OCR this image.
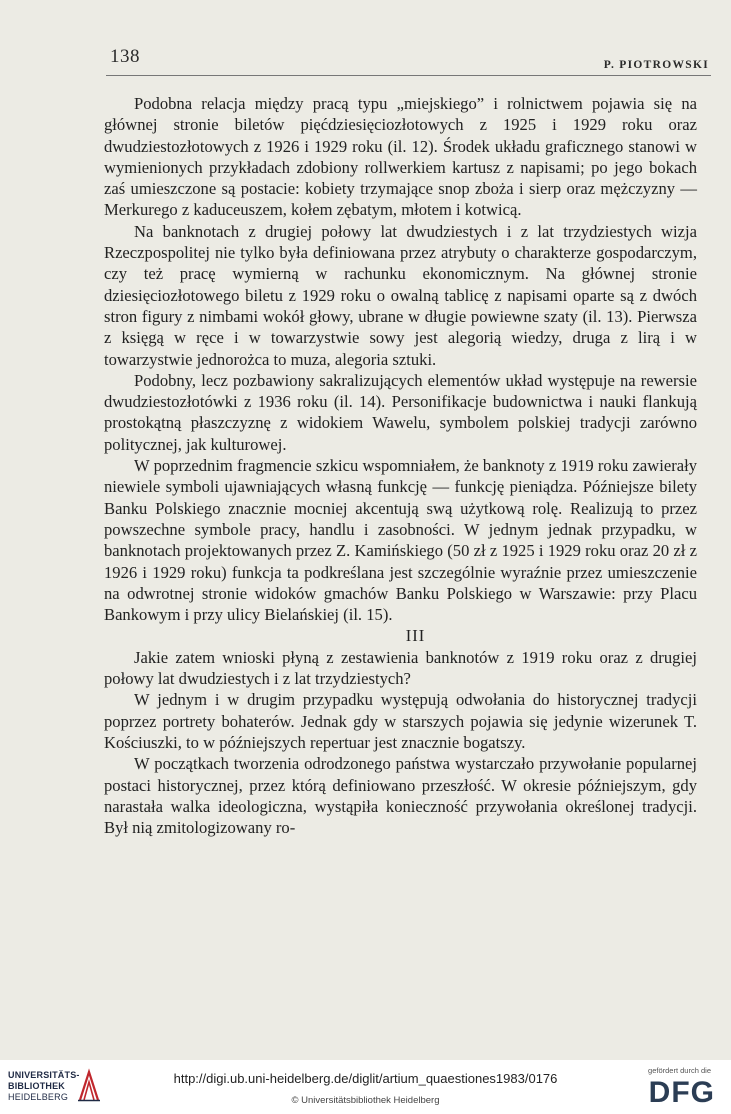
138	P. PIOTROWSKI

Podobna relacja między pracą typu „miejskiego” i rolnictwem pojawia się na głównej stronie biletów pięćdziesięciozłotowych z 1925 i 1929 roku oraz dwudziestozłotowych z 1926 i 1929 roku (il. 12). Środek układu graficznego stanowi w wymienionych przykładach zdobiony rollwerkiem kartusz z napisami; po jego bokach zaś umieszczone są postacie: kobiety trzymające snop zboża i sierp oraz mężczyzny — Merkurego z kaduceuszem, kołem zębatym, młotem i kotwicą.

Na banknotach z drugiej połowy lat dwudziestych i z lat trzydziestych wizja Rzeczpospolitej nie tylko była definiowana przez atrybuty o charakterze gospodarczym, czy też pracę wymierną w rachunku ekonomicznym. Na głównej stronie dziesięciozłotowego biletu z 1929 roku o owalną tablicę z napisami oparte są z dwóch stron figury z nimbami wokół głowy, ubrane w długie powiewne szaty (il. 13). Pierwsza z księgą w ręce i w towarzystwie sowy jest alegorią wiedzy, druga z lirą i w towarzystwie jednorożca to muza, alegoria sztuki.

Podobny, lecz pozbawiony sakralizujących elementów układ występuje na rewersie dwudziestozłotówki z 1936 roku (il. 14). Personifikacje budownictwa i nauki flankują prostokątną płaszczyznę z widokiem Wawelu, symbolem polskiej tradycji zarówno politycznej, jak kulturowej.

W poprzednim fragmencie szkicu wspomniałem, że banknoty z 1919 roku zawierały niewiele symboli ujawniających własną funkcję — funkcję pieniądza. Późniejsze bilety Banku Polskiego znacznie mocniej akcentują swą użytkową rolę. Realizują to przez powszechne symbole pracy, handlu i zasobności. W jednym jednak przypadku, w banknotach projektowanych przez Z. Kamińskiego (50 zł z 1925 i 1929 roku oraz 20 zł z 1926 i 1929 roku) funkcja ta podkreślana jest szczególnie wyraźnie przez umieszczenie na odwrotnej stronie widoków gmachów Banku Polskiego w Warszawie: przy Placu Bankowym i przy ulicy Bielańskiej (il. 15).

III

Jakie zatem wnioski płyną z zestawienia banknotów z 1919 roku oraz z drugiej połowy lat dwudziestych i z lat trzydziestych?

W jednym i w drugim przypadku występują odwołania do historycznej tradycji poprzez portrety bohaterów. Jednak gdy w starszych pojawia się jedynie wizerunek T. Kościuszki, to w późniejszych repertuar jest znacznie bogatszy.

W początkach tworzenia odrodzonego państwa wystarczało przywołanie popularnej postaci historycznej, przez którą definiowano przeszłość. W okresie późniejszym, gdy narastała walka ideologiczna, wystąpiła konieczność przywołania określonej tradycji. Był nią zmitologizowany ro-

UNIVERSITÄTS-
BIBLIOTHEK
HEIDELBERG
http://digi.ub.uni-heidelberg.de/diglit/artium_quaestiones1983/0176
© Universitätsbibliothek Heidelberg
gefördert durch die
DFG
